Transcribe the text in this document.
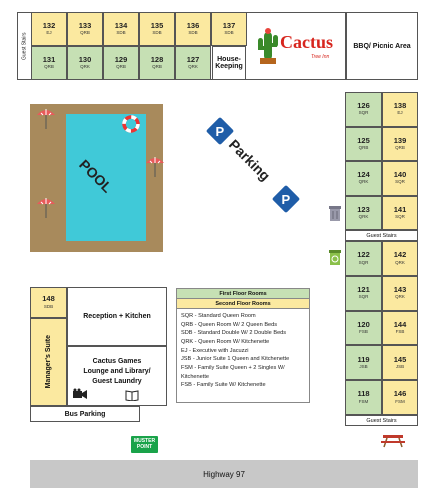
Guest Stairs
132
EJ
133
QRB
134
SDB
135
SDB
136
SDB
137
SDB
131
QRB
130
QRK
129
QRB
128
QRB
127
QRK
House-Keeping
Cactus
Tree Inn
BBQ/ Picnic Area
POOL
P
Parking
P
126
SQR
138
EJ
125
QRB
139
QRB
124
QRK
140
SQR
123
QRK
141
SQR
Guest Stairs
122
SQR
142
QRK
121
SQR
143
QRK
120
FSB
144
FSB
119
JSB
145
JSB
118
FSM
146
FSM
Guest Stairs
148
SDB
Manager's Suite
Reception + Kitchen
Cactus Games Lounge and Library/ Guest Laundry
Bus Parking
First Floor Rooms
Second Floor Rooms
SQR - Standard Queen Room
QRB - Queen Room W/ 2 Queen Beds
SDB - Standard Double W/ 2 Double Beds
QRK - Queen Room W/ Kitchenette
EJ - Executive with Jacuzzi
JSB - Junior Suite 1 Queen and Kitchenette
FSM - Family Suite Queen + 2 Singles W/ Kitchenette
FSB - Family Suite W/ Kitchenette
MUSTER POINT
Highway 97
